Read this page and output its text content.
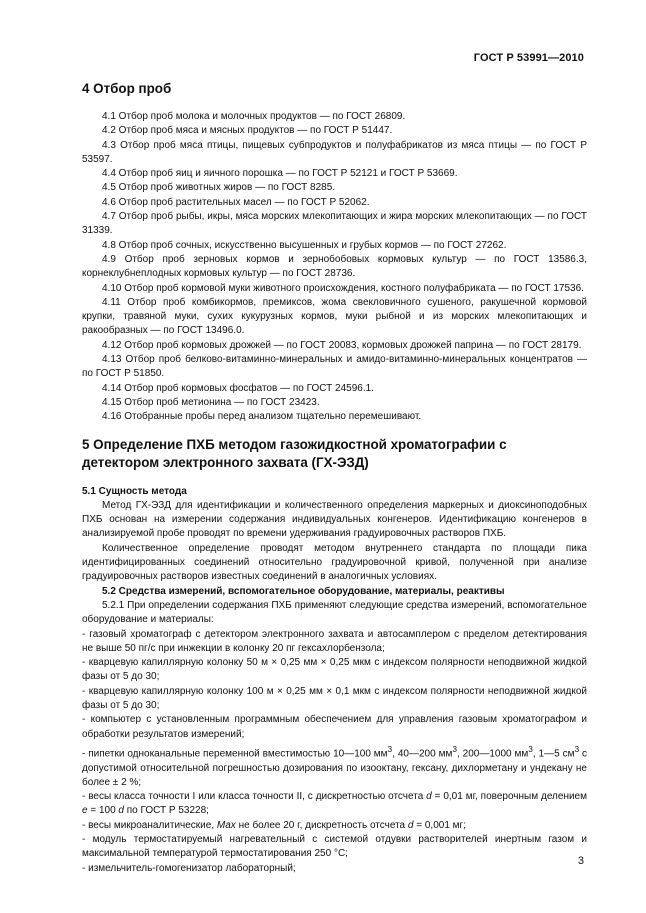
ГОСТ Р 53991—2010
4 Отбор проб

4.1 Отбор проб молока и молочных продуктов — по ГОСТ 26809.

4.2 Отбор проб мяса и мясных продуктов — по ГОСТ Р 51447.

4.3 Отбор проб мяса птицы, пищевых субпродуктов и полуфабрикатов из мяса птицы — по ГОСТ Р 53597.

4.4 Отбор проб яиц и яичного порошка — по ГОСТ Р 52121 и ГОСТ Р 53669.

4.5 Отбор проб животных жиров — по ГОСТ 8285.

4.6 Отбор проб растительных масел — по ГОСТ Р 52062.

4.7 Отбор проб рыбы, икры, мяса морских млекопитающих и жира морских млекопитающих — по ГОСТ 31339.

4.8 Отбор проб сочных, искусственно высушенных и грубых кормов — по ГОСТ 27262.

4.9 Отбор проб зерновых кормов и зернобобовых кормовых культур — по ГОСТ 13586.3, корнеклубнеплодных кормовых культур — по ГОСТ 28736.

4.10 Отбор проб кормовой муки животного происхождения, костного полуфабриката — по ГОСТ 17536.

4.11 Отбор проб комбикормов, премиксов, жома свекловичного сушеного, ракушечной кормовой крупки, травяной муки, сухих кукурузных кормов, муки рыбной и из морских млекопитающих и ракообразных — по ГОСТ 13496.0.

4.12 Отбор проб кормовых дрожжей — по ГОСТ 20083, кормовых дрожжей паприна — по ГОСТ 28179.

4.13 Отбор проб белково-витаминно-минеральных и амидо-витаминно-минеральных концентратов — по ГОСТ Р 51850.

4.14 Отбор проб кормовых фосфатов — по ГОСТ 24596.1.

4.15 Отбор проб метионина — по ГОСТ 23423.

4.16 Отобранные пробы перед анализом тщательно перемешивают.

5 Определение ПХБ методом газожидкостной хроматографии с детектором электронного захвата (ГХ-ЭЗД)
5.1 Сущность метода

Метод ГХ-ЭЗД для идентификации и количественного определения маркерных и диоксиноподобных ПХБ основан на измерении содержания индивидуальных конгенеров. Идентификацию конгенеров в анализируемой пробе проводят по времени удерживания градуировочных растворов ПХБ.

Количественное определение проводят методом внутреннего стандарта по площади пика идентифицированных соединений относительно градуировочной кривой, полученной при анализе градуировочных растворов известных соединений в аналогичных условиях.

5.2 Средства измерений, вспомогательное оборудование, материалы, реактивы

5.2.1 При определении содержания ПХБ применяют следующие средства измерений, вспомогательное оборудование и материалы:

- газовый хроматограф с детектором электронного захвата и автосамплером с пределом детектирования не выше 50 пг/с при инжекции в колонку 20 пг гексахлорбензола;

- кварцевую капиллярную колонку 50 м × 0,25 мм × 0,25 мкм с индексом полярности неподвижной жидкой фазы от 5 до 30;

- кварцевую капиллярную колонку 100 м × 0,25 мм × 0,1 мкм с индексом полярности неподвижной жидкой фазы от 5 до 30;

- компьютер с установленным программным обеспечением для управления газовым хроматографом и обработки результатов измерений;

- пипетки одноканальные переменной вместимостью 10—100 $мм^3$, 40—200 $мм^3$, 200—1000 $мм^3$, 1—5 $см^3$ с допустимой относительной погрешностью дозирования по изооктану, гексану, дихлорметану и ундекану не более ± 2 %;

- весы класса точности I или класса точности II, с дискретностью отсчета d = 0,01 мг, поверочным делением e = 100 d по ГОСТ Р 53228;

- весы микроаналитические, Max не более 20 г, дискретность отсчета d = 0,001 мг;

- модуль термостатируемый нагревательный с системой отдувки растворителей инертным газом и максимальной температурой термостатирования 250 °С;

- измельчитель-гомогенизатор лабораторный;

3
